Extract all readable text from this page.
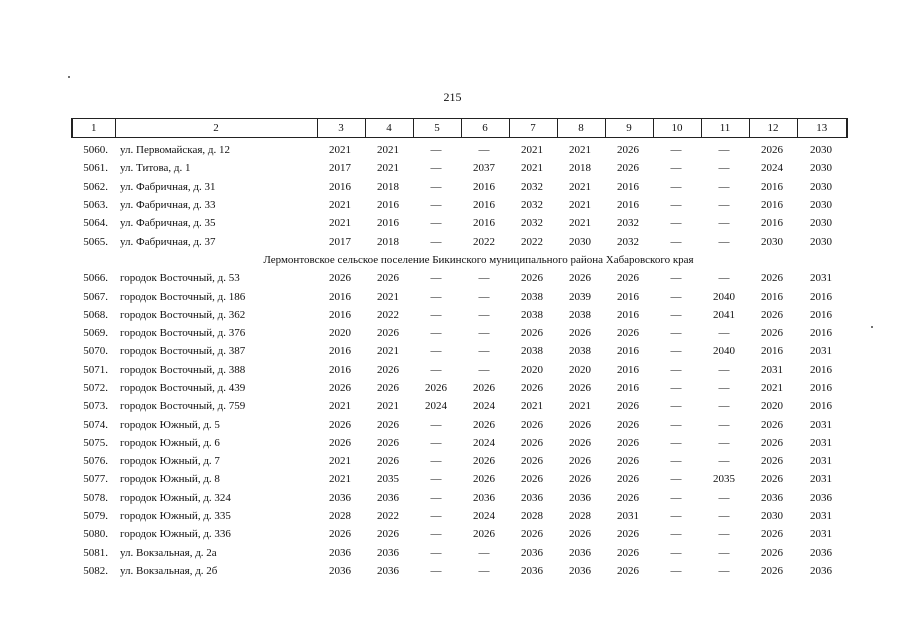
215
1	2	3	4	5	6	7	8	9	10	11	12	13
5060.	ул. Первомайская, д. 12	2021	2021	—	—	2021	2021	2026	—	—	2026	2030
5061.	ул. Титова, д. 1	2017	2021	—	2037	2021	2018	2026	—	—	2024	2030
5062.	ул. Фабричная, д. 31	2016	2018	—	2016	2032	2021	2016	—	—	2016	2030
5063.	ул. Фабричная, д. 33	2021	2016	—	2016	2032	2021	2016	—	—	2016	2030
5064.	ул. Фабричная, д. 35	2021	2016	—	2016	2032	2021	2032	—	—	2016	2030
5065.	ул. Фабричная, д. 37	2017	2018	—	2022	2022	2030	2032	—	—	2030	2030
Лермонтовское сельское поселение Бикинского муниципального района Хабаровского края												
5066.	городок Восточный, д. 53	2026	2026	—	—	2026	2026	2026	—	—	2026	2031
5067.	городок Восточный, д. 186	2016	2021	—	—	2038	2039	2016	—	2040	2016	2016
5068.	городок Восточный, д. 362	2016	2022	—	—	2038	2038	2016	—	2041	2026	2016
5069.	городок Восточный, д. 376	2020	2026	—	—	2026	2026	2026	—	—	2026	2016
5070.	городок Восточный, д. 387	2016	2021	—	—	2038	2038	2016	—	2040	2016	2031
5071.	городок Восточный, д. 388	2016	2026	—	—	2020	2020	2016	—	—	2031	2016
5072.	городок Восточный, д. 439	2026	2026	2026	2026	2026	2026	2016	—	—	2021	2016
5073.	городок Восточный, д. 759	2021	2021	2024	2024	2021	2021	2026	—	—	2020	2016
5074.	городок Южный, д. 5	2026	2026	—	2026	2026	2026	2026	—	—	2026	2031
5075.	городок Южный, д. 6	2026	2026	—	2024	2026	2026	2026	—	—	2026	2031
5076.	городок Южный, д. 7	2021	2026	—	2026	2026	2026	2026	—	—	2026	2031
5077.	городок Южный, д. 8	2021	2035	—	2026	2026	2026	2026	—	2035	2026	2031
5078.	городок Южный, д. 324	2036	2036	—	2036	2036	2036	2026	—	—	2036	2036
5079.	городок Южный, д. 335	2028	2022	—	2024	2028	2028	2031	—	—	2030	2031
5080.	городок Южный, д. 336	2026	2026	—	2026	2026	2026	2026	—	—	2026	2031
5081.	ул. Вокзальная, д. 2а	2036	2036	—	—	2036	2036	2026	—	—	2026	2036
5082.	ул. Вокзальная, д. 2б	2036	2036	—	—	2036	2036	2026	—	—	2026	2036
